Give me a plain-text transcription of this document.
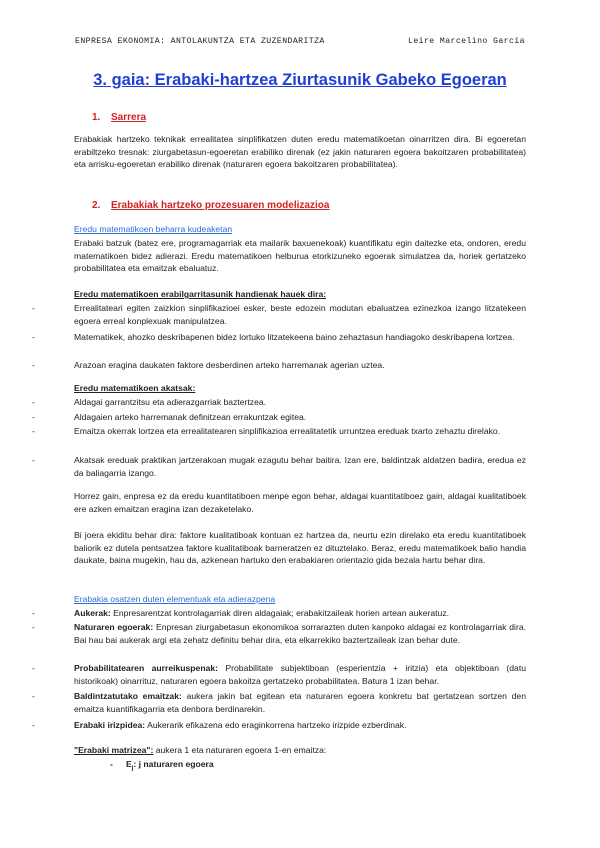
ENPRESA EKONOMIA: ANTOLAKUNTZA ETA ZUZENDARITZA	Leire Marcelino García
3. gaia: Erabaki-hartzea Ziurtasunik Gabeko Egoeran
1. Sarrera
Erabakiak hartzeko teknikak errealitatea sinplifikatzen duten eredu matematikoetan oinarritzen dira. Bi egoeretan erabiltzeko tresnak: ziurgabetasun-egoeretan erabiliko direnak (ez jakin naturaren egoera bakoitzaren probabilitatea) eta arrisku-egoeretan erabiliko direnak (naturaren egoera bakoitzaren probabilitatea).
2. Erabakiak hartzeko prozesuaren modelizazioa
Eredu matematikoen beharra kudeaketan
Erabaki batzuk (batez ere, programagarriak eta mailarik baxuenekoak) kuantifikatu egin daitezke eta, ondoren, eredu matematikoen bidez adierazi. Eredu matematikoen helburua etorkizuneko egoerak simulatzea da, horiek gertatzeko probabilitatea eta emaitzak ebaluatuz.
Eredu matematikoen erabilgarritasunik handienak hauek dira:
-	Errealitateari egiten zaizkion sinplifikazioei esker, beste edozein modutan ebaluatzea ezinezkoa izango litzatekeen egoera erreal konplexuak manipulatzea.
-	Matematikek, ahozko deskribapenen bidez lortuko litzatekeena baino zehaztasun handiagoko deskribapena lortzea.
-	Arazoan eragina daukaten faktore desberdinen arteko harremanak agerian uztea.
Eredu matematikoen akatsak:
-	Aldagai garrantzitsu eta adierazgarriak baztertzea.
-	Aldagaien arteko harremanak definitzean errakuntzak egitea.
-	Emaitza okerrak lortzea eta errealitatearen sinplifikazioa errealitatetik urruntzea ereduak txarto zehaztu direlako.
-	Akatsak ereduak praktikan jartzerakoan mugak ezagutu behar baitira. Izan ere, baldintzak aldatzen badira, eredua ez da baliagarria izango.
Horrez gain, enpresa ez da eredu kuantitatiboen menpe egon behar, aldagai kuantitatiboez gain, aldagai kualitatiboek ere azken emaitzan eragina izan dezaketelako.
Bi joera ekiditu behar dira: faktore kualitatiboak kontuan ez hartzea da, neurtu ezin direlako eta eredu kuantitatiboek baliorik ez dutela pentsatzea faktore kualitatiboak barneratzen ez dituztelako. Beraz, eredu matematikoek balio handia daukate, baina mugekin, hau da, azkenean hartuko den erabakiaren orientazio gida bezala hartu behar dira.
Erabakia osatzen duten elementuak eta adierazpena
-	Aukerak: Enpresarentzat kontrolagarriak diren aldagaiak; erabakitzaileak horien artean aukeratuz.
-	Naturaren egoerak: Enpresan ziurgabetasun ekonomikoa sorrarazten duten kanpoko aldagai ez kontrolagarriak dira. Bai hau bai aukerak argi eta zehatz definitu behar dira, eta elkarrekiko baztertzaileak izan behar dute.
-	Probabilitatearen aurreikuspenak: Probabilitate subjektiboan (esperientzia + iritzia) eta objektiboan (datu historikoak) oinarrituz, naturaren egoera bakoitza gertatzeko probabilitatea. Batura 1 izan behar.
-	Baldintzatutako emaitzak: aukera jakin bat egitean eta naturaren egoera konkretu bat gertatzean sortzen den emaitza kuantifikagarria eta denbora berdinarekin.
-	Erabaki irizpidea: Aukerarik efikazena edo eraginkorrena hartzeko irizpide ezberdinak.
"Erabaki matrizea": aukera 1 eta naturaren egoera 1-en emaitza:
- $E_j$: j naturaren egoera
